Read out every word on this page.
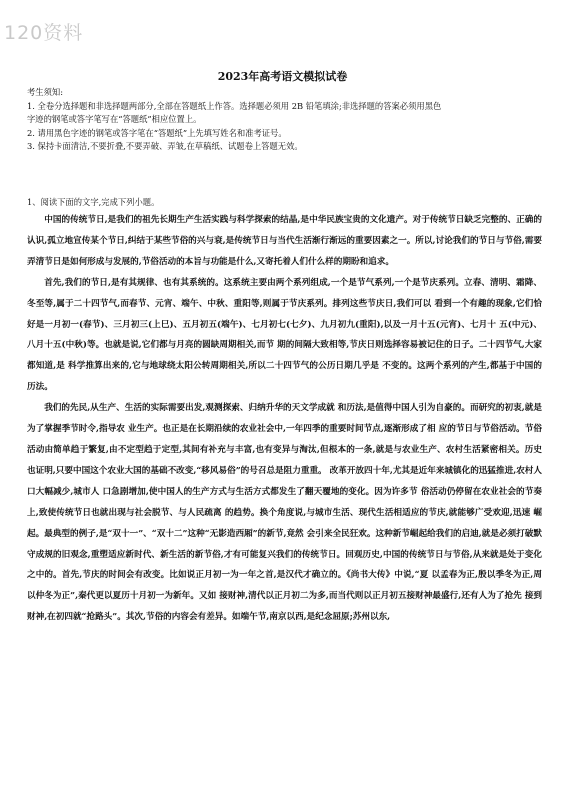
120资料
2023年高考语文模拟试卷
考生须知:
1. 全卷分选择题和非选择题两部分,全部在答题纸上作答。选择题必须用 2B 铅笔填涂;非选择题的答案必须用黑色
字迹的钢笔或答字笔写在“答题纸”相应位置上。
2. 请用黑色字迹的钢笔或答字笔在“答题纸”上先填写姓名和准考证号。
3. 保持卡面清洁,不要折叠,不要弄破、弄皱,在草稿纸、试题卷上答题无效。
1、阅读下面的文字,完成下列小题。

中国的传统节日,是我们的祖先长期生产生活实践与科学探索的结晶,是中华民族宝贵的文化遗产。对于传统节日缺乏完整的、正确的认识,孤立地宣传某个节日,纠结于某些节俗的兴与衰,是传统节日与当代生活渐行渐远的重要因素之一。所以,讨论我们的节日与节俗,需要弄清节日是如何形成与发展的,节俗活动的本旨与功能是什么,又寄托着人们什么样的期盼和追求。

首先,我们的节日,是有其规律、也有其系统的。这系统主要由两个系列组成,一个是节气系列,一个是节庆系列。立春、清明、霜降、冬至等,属于二十四节气,而春节、元宵、端午、中秋、重阳等,则属于节庆系列。排列这些节庆日,我们可以 看到一个有趣的现象,它们恰好是一月初一(春节)、三月初三(上巳)、五月初五(端午)、七月初七(七夕)、九月初九(重阳),以及一月十五(元宵)、七月十 五(中元)、八月十五(中秋)等。也就是说,它们都与月亮的圆缺周期相关,而节 期的间隔大致相等,节庆日则选择容易被记住的日子。二十四节气,大家都知道,是 科学推算出来的,它与地球绕太阳公转周期相关,所以二十四节气的公历日期几乎是 不变的。这两个系列的产生,都基于中国的历法。

我们的先民,从生产、生活的实际需要出发,观测探索、归纳升华的天文学成就 和历法,是值得中国人引为自豪的。而研究的初衷,就是为了掌握季节时令,指导农 业生产。也正是在长期沿续的农业社会中,一年四季的重要时间节点,逐渐形成了相 应的节日与节俗活动。节俗活动由简单趋于繁复,由不定型趋于定型,其间有补充与丰富,也有变异与淘汰,但根本的一条,就是与农业生产、农村生活紧密相关。历史 也证明,只要中国这个农业大国的基础不改变,“移风易俗”的号召总是阻力重重。 改革开放四十年,尤其是近年来城镇化的迅猛推进,农村人口大幅减少,城市人 口急剧增加,使中国人的生产方式与生活方式都发生了翻天覆地的变化。因为许多节 俗活动仍停留在农业社会的节奏上,致使传统节日也就出现与社会脱节、与人民疏离 的趋势。换个角度说,与城市生活、现代生活相适应的节庆,就能够广受欢迎,迅速 崛起。最典型的例子,是“双十一”、“双十二”这种“无影造西厢”的新节,竟然 会引来全民狂欢。这种新节崛起给我们的启迪,就是必须打破默守成规的旧观念,重塑适应新时代、新生活的新节俗,才有可能复兴我们的传统节日。回观历史,中国的传统节日与节俗,从来就是处于变化之中的。首先,节庆的时间会有改变。比如说正月初一为一年之首,是汉代才确立的。《尚书大传》中说,“夏 以孟春为正,殷以季冬为正,周以仲冬为正”,秦代更以夏历十月初一为新年。又如 接财神,清代以正月初二为多,而当代则以正月初五接财神最盛行,还有人为了抢先 接到财神,在初四就“抢路头”。其次,节俗的内容会有差异。如端午节,南京以西,是纪念屈原;苏州以东,
